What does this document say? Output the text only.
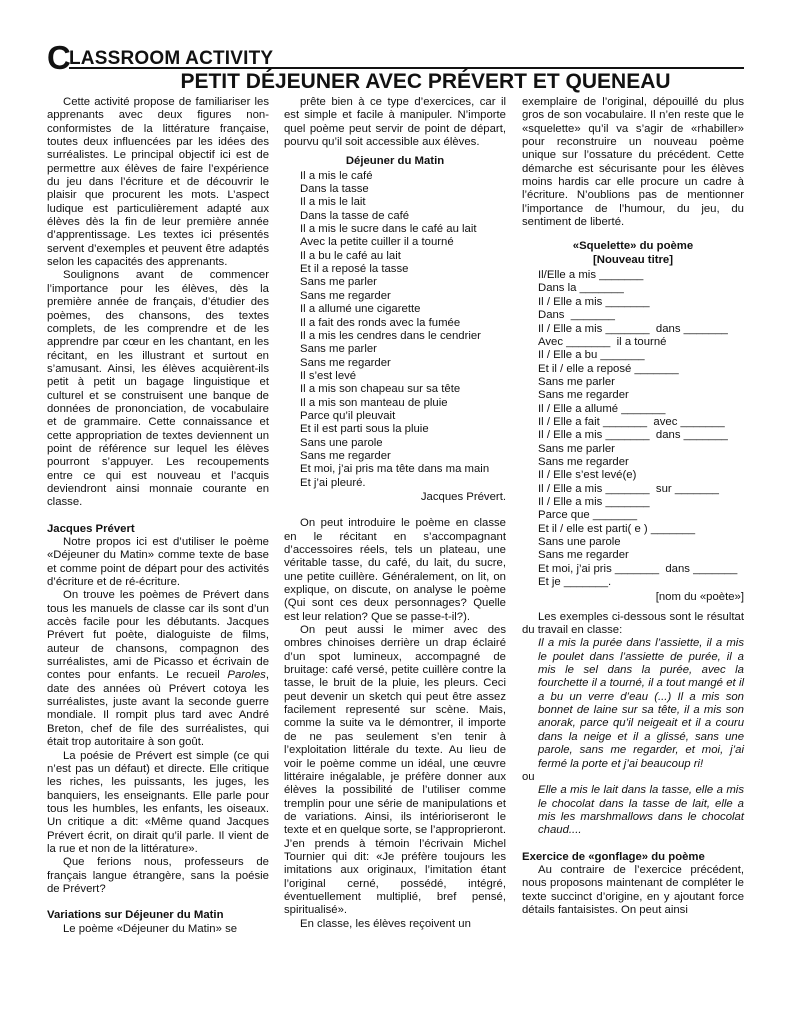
C
LASSROOM ACTIVITY
PETIT DÉJEUNER AVEC PRÉVERT ET QUENEAU

Cette activité propose de familiariser les apprenants avec deux figures non-conformistes de la littérature française, toutes deux influencées par les idées des surréalistes. Le principal objectif ici est de permettre aux élèves de faire l’expérience du jeu dans l’écriture et de découvrir le plaisir que procurent les mots. L’aspect ludique est particulièrement adapté aux élèves dès la fin de leur première année d’apprentissage. Les textes ici présentés servent d’exemples et peuvent être adaptés selon les capacités des apprenants.

Soulignons avant de commencer l’importance pour les élèves, dès la première année de français, d’étudier des poèmes, des chansons, des textes complets, de les comprendre et de les apprendre par cœur en les chantant, en les récitant, en les illustrant et surtout en s’amusant. Ainsi, les élèves acquièrent-ils petit à petit un bagage linguistique et culturel et se construisent une banque de données de prononciation, de vocabulaire et de grammaire. Cette connaissance et cette appropriation de textes deviennent un point de référence sur lequel les élèves pourront s’appuyer. Les recoupements entre ce qui est nouveau et l’acquis deviendront ainsi monnaie courante en classe.

Jacques Prévert

Notre propos ici est d’utiliser le poème «Déjeuner du Matin» comme texte de base et comme point de départ pour des activités d’écriture et de ré-écriture.

On trouve les poèmes de Prévert dans tous les manuels de classe car ils sont d’un accès facile pour les débutants. Jacques Prévert fut poète, dialoguiste de films, auteur de chansons, compagnon des surréalistes, ami de Picasso et écrivain de contes pour enfants. Le recueil Paroles, date des années où Prévert cotoya les surréalistes, juste avant la seconde guerre mondiale. Il rompit plus tard avec André Breton, chef de file des surréalistes, qui était trop autoritaire à son goût.

La poésie de Prévert est simple (ce qui n’est pas un défaut) et directe. Elle critique les riches, les puissants, les juges, les banquiers, les enseignants. Elle parle pour tous les humbles, les enfants, les oiseaux. Un critique a dit: «Même quand Jacques Prévert écrit, on dirait qu’il parle. Il vient de la rue et non de la littérature».

Que ferions nous, professeurs de français langue étrangère, sans la poésie de Prévert?

Variations sur Déjeuner du Matin

Le poème «Déjeuner du Matin» se

prête bien à ce type d’exercices, car il est simple et facile à manipuler. N’importe quel poème peut servir de point de départ, pourvu qu’il soit accessible aux élèves.

Déjeuner du Matin
Il a mis le café
Dans la tasse
Il a mis le lait
Dans la tasse de café
Il a mis le sucre dans le café au lait
Avec la petite cuiller il a tourné
Il a bu le café au lait
Et il a reposé la tasse
Sans me parler
Sans me regarder
Il a allumé une cigarette
Il a fait des ronds avec la fumée
Il a mis les cendres dans le cendrier
Sans me parler
Sans me regarder
Il s’est levé
Il a mis son chapeau sur sa tête
Il a mis son manteau de pluie
Parce qu’il pleuvait
Et il est parti sous la pluie
Sans une parole
Sans me regarder
Et moi, j’ai pris ma tête dans ma main
Et j’ai pleuré.
Jacques Prévert.

On peut introduire le poème en classe en le récitant en s’accompagnant d’accessoires réels, tels un plateau, une véritable tasse, du café, du lait, du sucre, une petite cuillère. Généralement, on lit, on explique, on discute, on analyse le poème (Qui sont ces deux personnages? Quelle est leur relation? Que se passe-t-il?).

On peut aussi le mimer avec des ombres chinoises derrière un drap éclairé d’un spot lumineux, accompagné de bruitage: café versé, petite cuillère contre la tasse, le bruit de la pluie, les pleurs. Ceci peut devenir un sketch qui peut être assez facilement representé sur scène. Mais, comme la suite va le démontrer, il importe de ne pas seulement s’en tenir à l’exploitation littérale du texte. Au lieu de voir le poème comme un idéal, une œuvre littéraire inégalable, je préfère donner aux élèves la possibilité de l’utiliser comme tremplin pour une série de manipulations et de variations. Ainsi, ils intérioriseront le texte et en quelque sorte, se l’approprieront. J’en prends à témoin l’écrivain Michel Tournier qui dit: «Je préfère toujours les imitations aux originaux, l’imitation étant l’original cerné, possédé, intégré, éventuellement multiplié, bref pensé, spiritualisé».

En classe, les élèves reçoivent un

exemplaire de l’original, dépouillé du plus gros de son vocabulaire. Il n’en reste que le «squelette» qu’il va s’agir de «rhabiller» pour reconstruire un nouveau poème unique sur l’ossature du précédent. Cette démarche est sécurisante pour les élèves moins hardis car elle procure un cadre à l’écriture. N’oublions pas de mentionner l’importance de l’humour, du jeu, du sentiment de liberté.

«Squelette» du poème
[Nouveau titre]
Il/Elle a mis _______
Dans la _______
Il / Elle a mis _______
Dans  _______
Il / Elle a mis _______  dans _______
Avec _______  il a tourné
Il / Elle a bu _______
Et il / elle a reposé _______
Sans me parler
Sans me regarder
Il / Elle a allumé _______
Il / Elle a fait _______  avec _______
Il / Elle a mis _______  dans _______
Sans me parler
Sans me regarder
Il / Elle s’est levé(e)
Il / Elle a mis _______  sur _______
Il / Elle a mis _______
Parce que _______
Et il / elle est parti( e ) _______
Sans une parole
Sans me regarder
Et moi, j’ai pris _______  dans _______
Et je _______.
[nom du «poète»]

Les exemples ci-dessous sont le résultat du travail en classe:

Il a mis la purée dans l’assiette, il a mis le poulet dans l’assiette de purée, il a mis le sel dans la purée, avec la fourchette il a tourné, il a tout mangé et il a bu un verre d’eau (...) Il a mis son bonnet de laine sur sa tête, il a mis son anorak, parce qu’il neigeait et il a couru dans la neige et il a glissé, sans une parole, sans me regarder, et moi, j’ai fermé la porte et j’ai beaucoup ri!
ou
Elle a mis le lait dans la tasse, elle a mis le chocolat dans la tasse de lait, elle a mis les marshmallows dans le chocolat chaud....
Exercice de «gonflage» du poème

Au contraire de l’exercice précédent, nous proposons maintenant de compléter le texte succinct d’origine, en y ajoutant force détails fantaisistes. On peut ainsi
